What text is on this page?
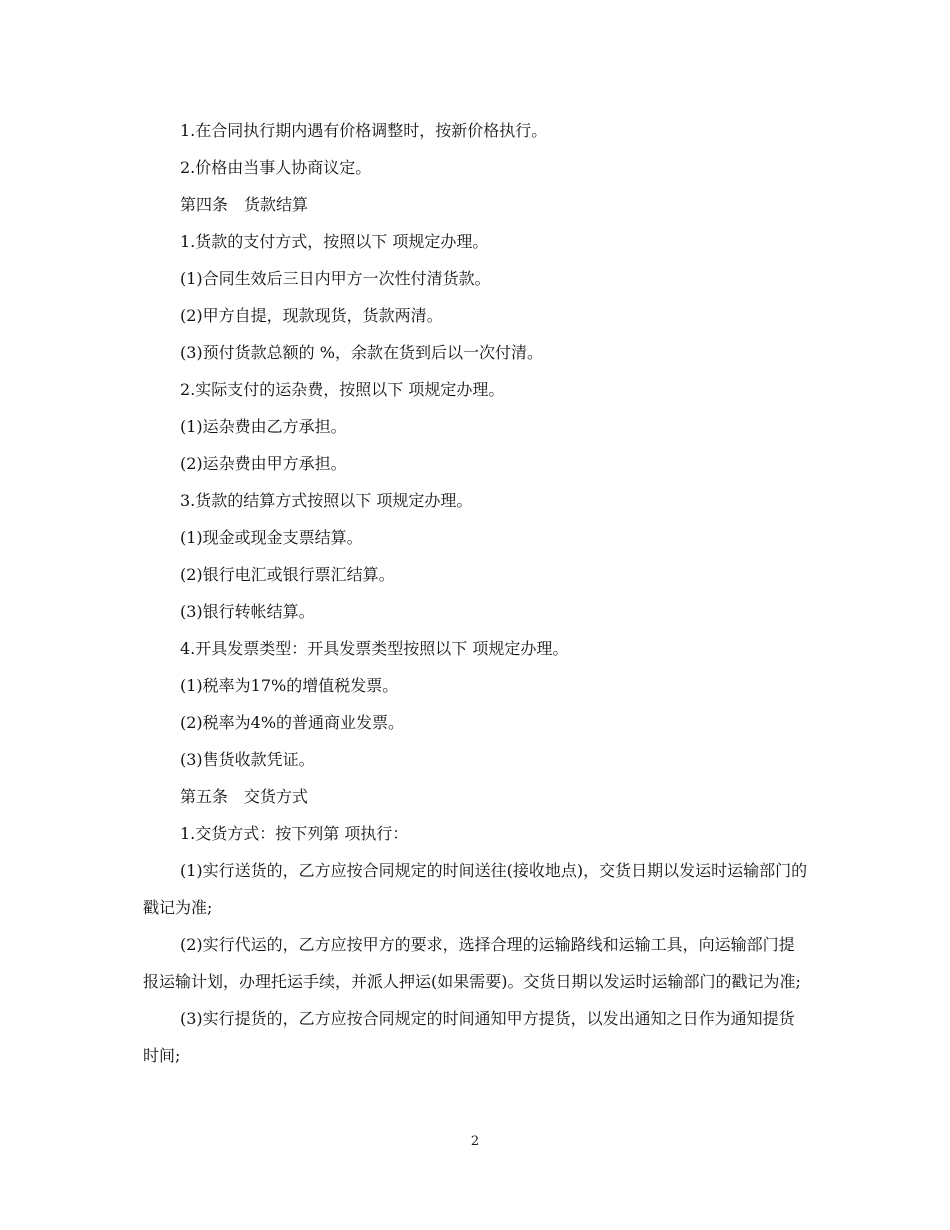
1.在合同执行期内遇有价格调整时，按新价格执行。

2.价格由当事人协商议定。

第四条　货款结算

1.货款的支付方式，按照以下 项规定办理。

(1)合同生效后三日内甲方一次性付清货款。

(2)甲方自提，现款现货，货款两清。

(3)预付货款总额的 %，余款在货到后以一次付清。

2.实际支付的运杂费，按照以下 项规定办理。

(1)运杂费由乙方承担。

(2)运杂费由甲方承担。

3.货款的结算方式按照以下 项规定办理。

(1)现金或现金支票结算。

(2)银行电汇或银行票汇结算。

(3)银行转帐结算。

4.开具发票类型：开具发票类型按照以下 项规定办理。

(1)税率为17%的增值税发票。

(2)税率为4%的普通商业发票。

(3)售货收款凭证。

第五条　交货方式

1.交货方式：按下列第 项执行：

(1)实行送货的，乙方应按合同规定的时间送往(接收地点)，交货日期以发运时运输部门的戳记为准;

(2)实行代运的，乙方应按甲方的要求，选择合理的运输路线和运输工具，向运输部门提报运输计划，办理托运手续，并派人押运(如果需要)。交货日期以发运时运输部门的戳记为准;

(3)实行提货的，乙方应按合同规定的时间通知甲方提货，以发出通知之日作为通知提货时间;

2
